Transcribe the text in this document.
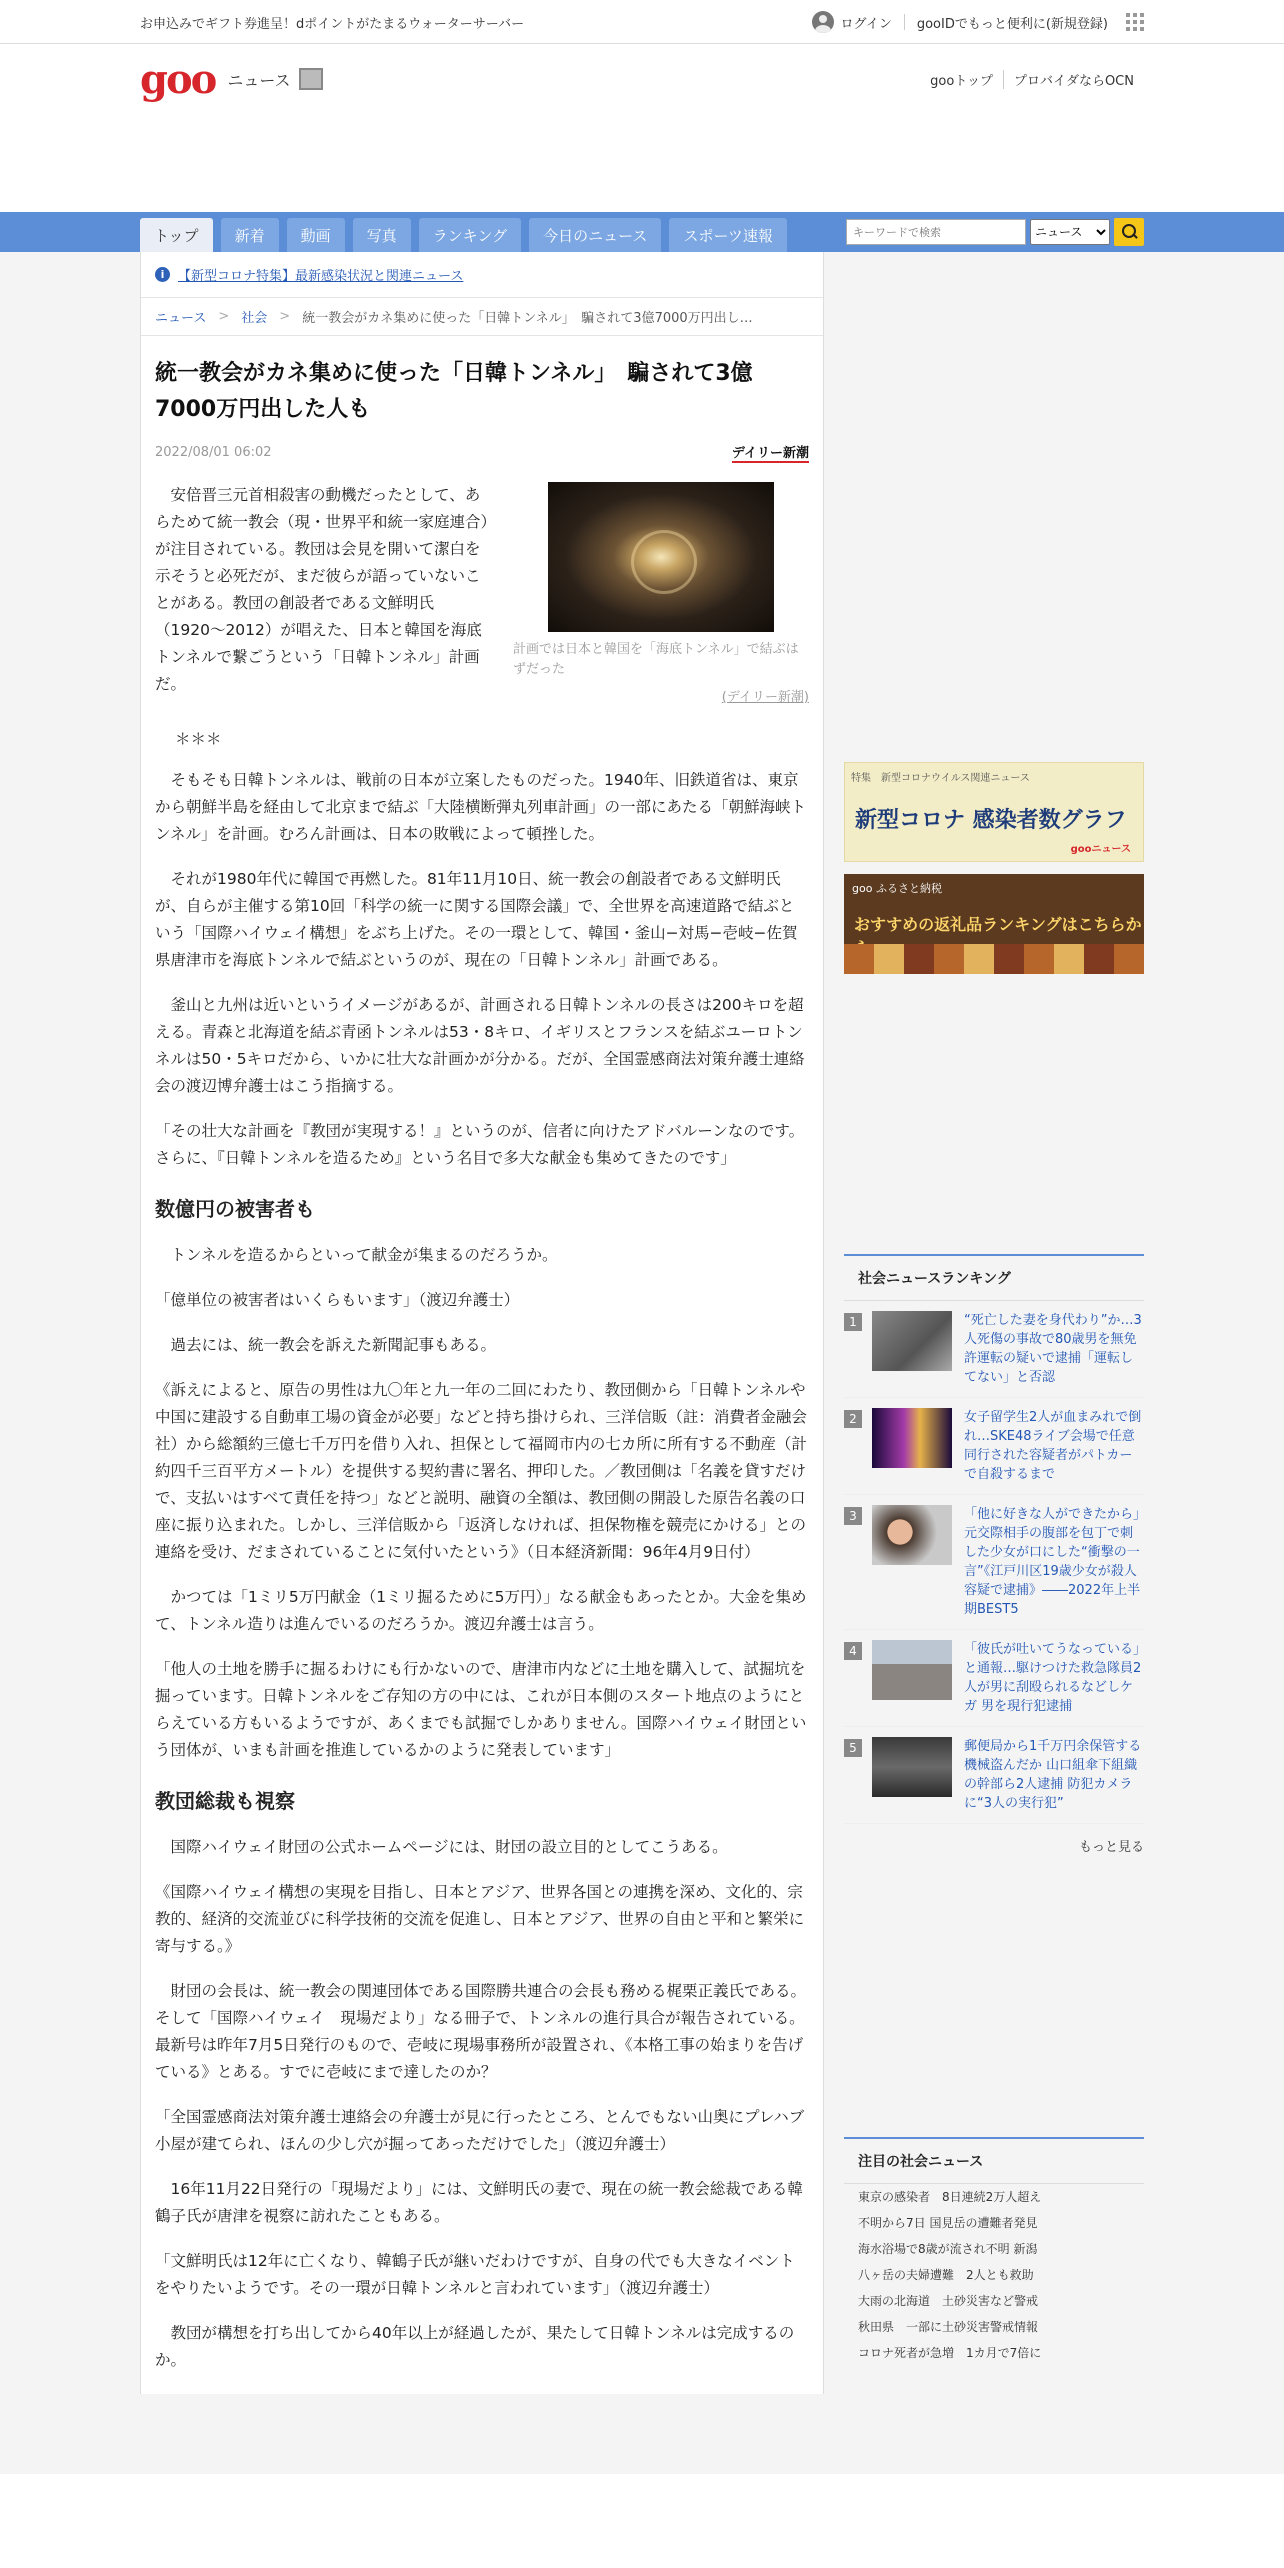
お申込みでギフト券進呈！dポイントがたまるウォーターサーバー	ログイン gooIDでもっと便利に(新規登録)
goo ニュース	gooトップ	プロバイダならOCN
トップ	新着	動画	写真	ランキング	今日のニュース	スポーツ速報
キーワードで検索
ニュース
i	【新型コロナ特集】最新感染状況と関連ニュース
ニュース > 社会 > 統一教会がカネ集めに使った「日韓トンネル」　騙されて3億7000万円出し…
統一教会がカネ集めに使った「日韓トンネル」　騙されて3億7000万円出した人も
2022/08/01 06:02	デイリー新潮
安倍晋三元首相殺害の動機だったとして、あらためて統一教会（現・世界平和統一家庭連合）が注目されている。教団は会見を開いて潔白を示そうと必死だが、まだ彼らが語っていないことがある。教団の創設者である文鮮明氏（1920〜2012）が唱えた、日本と韓国を海底トンネルで繋ごうという「日韓トンネル」計画だ。
計画では日本と韓国を「海底トンネル」で結ぶはずだった
(デイリー新潮)
＊＊＊
そもそも日韓トンネルは、戦前の日本が立案したものだった。1940年、旧鉄道省は、東京から朝鮮半島を経由して北京まで結ぶ「大陸横断弾丸列車計画」の一部にあたる「朝鮮海峡トンネル」を計画。むろん計画は、日本の敗戦によって頓挫した。
それが1980年代に韓国で再燃した。81年11月10日、統一教会の創設者である文鮮明氏が、自らが主催する第10回「科学の統一に関する国際会議」で、全世界を高速道路で結ぶという「国際ハイウェイ構想」をぶち上げた。その一環として、韓国・釜山−対馬−壱岐−佐賀県唐津市を海底トンネルで結ぶというのが、現在の「日韓トンネル」計画である。
釜山と九州は近いというイメージがあるが、計画される日韓トンネルの長さは200キロを超える。青森と北海道を結ぶ青函トンネルは53・8キロ、イギリスとフランスを結ぶユーロトンネルは50・5キロだから、いかに壮大な計画かが分かる。だが、全国霊感商法対策弁護士連絡会の渡辺博弁護士はこう指摘する。
「その壮大な計画を『教団が実現する！』というのが、信者に向けたアドバルーンなのです。さらに、『日韓トンネルを造るため』という名目で多大な献金も集めてきたのです」
数億円の被害者も
トンネルを造るからといって献金が集まるのだろうか。
「億単位の被害者はいくらもいます」（渡辺弁護士）
過去には、統一教会を訴えた新聞記事もある。
《訴えによると、原告の男性は九〇年と九一年の二回にわたり、教団側から「日韓トンネルや中国に建設する自動車工場の資金が必要」などと持ち掛けられ、三洋信販（註：消費者金融会社）から総額約三億七千万円を借り入れ、担保として福岡市内の七カ所に所有する不動産（計約四千三百平方メートル）を提供する契約書に署名、押印した。／教団側は「名義を貸すだけで、支払いはすべて責任を持つ」などと説明、融資の全額は、教団側の開設した原告名義の口座に振り込まれた。しかし、三洋信販から「返済しなければ、担保物権を競売にかける」との連絡を受け、だまされていることに気付いたという》（日本経済新聞：96年4月9日付）
かつては「1ミリ5万円献金（1ミリ掘るために5万円）」なる献金もあったとか。大金を集めて、トンネル造りは進んでいるのだろうか。渡辺弁護士は言う。
「他人の土地を勝手に掘るわけにも行かないので、唐津市内などに土地を購入して、試掘坑を掘っています。日韓トンネルをご存知の方の中には、これが日本側のスタート地点のようにとらえている方もいるようですが、あくまでも試掘でしかありません。国際ハイウェイ財団という団体が、いまも計画を推進しているかのように発表しています」
教団総裁も視察
国際ハイウェイ財団の公式ホームページには、財団の設立目的としてこうある。
《国際ハイウェイ構想の実現を目指し、日本とアジア、世界各国との連携を深め、文化的、宗教的、経済的交流並びに科学技術的交流を促進し、日本とアジア、世界の自由と平和と繁栄に寄与する。》
財団の会長は、統一教会の関連団体である国際勝共連合の会長も務める梶栗正義氏である。そして「国際ハイウェイ　現場だより」なる冊子で、トンネルの進行具合が報告されている。最新号は昨年7月5日発行のもので、壱岐に現場事務所が設置され、《本格工事の始まりを告げている》とある。すでに壱岐にまで達したのか？
「全国霊感商法対策弁護士連絡会の弁護士が見に行ったところ、とんでもない山奥にプレハブ小屋が建てられ、ほんの少し穴が掘ってあっただけでした」（渡辺弁護士）
16年11月22日発行の「現場だより」には、文鮮明氏の妻で、現在の統一教会総裁である韓鶴子氏が唐津を視察に訪れたこともある。
「文鮮明氏は12年に亡くなり、韓鶴子氏が継いだわけですが、自身の代でも大きなイベントをやりたいようです。その一環が日韓トンネルと言われています」（渡辺弁護士）
教団が構想を打ち出してから40年以上が経過したが、果たして日韓トンネルは完成するのか。
特集　新型コロナウイルス関連ニュース
新型コロナ 感染者数グラフ
gooニュース
goo ふるさと納税
おすすめの返礼品ランキングはこちらか
社会ニュースランキング
1	“死亡した妻を身代わり”か…3人死傷の事故で80歳男を無免許運転の疑いで逮捕「運転してない」と否認
2	女子留学生2人が血まみれで倒れ…SKE48ライブ会場で任意同行された容疑者がパトカーで自殺するまで
3	「他に好きな人ができたから」元交際相手の腹部を包丁で刺した少女が口にした“衝撃の一言”《江戸川区19歳少女が殺人容疑で逮捕》――2022年上半期BEST5
4	「彼氏が吐いてうなっている」と通報…駆けつけた救急隊員2人が男に刮殴られるなどしケガ 男を現行犯逮捕
5	郵便局から1千万円余保管する機械盗んだか 山口組傘下組織の幹部ら2人逮捕 防犯カメラに“3人の実行犯”
もっと見る
注目の社会ニュース
東京の感染者　8日連続2万人超え
不明から7日 国見岳の遭難者発見
海水浴場で8歳が流され不明 新潟
八ヶ岳の夫婦遭難　2人とも救助
大雨の北海道　土砂災害など警戒
秋田県　一部に土砂災害警戒情報
コロナ死者が急増　1カ月で7倍に
